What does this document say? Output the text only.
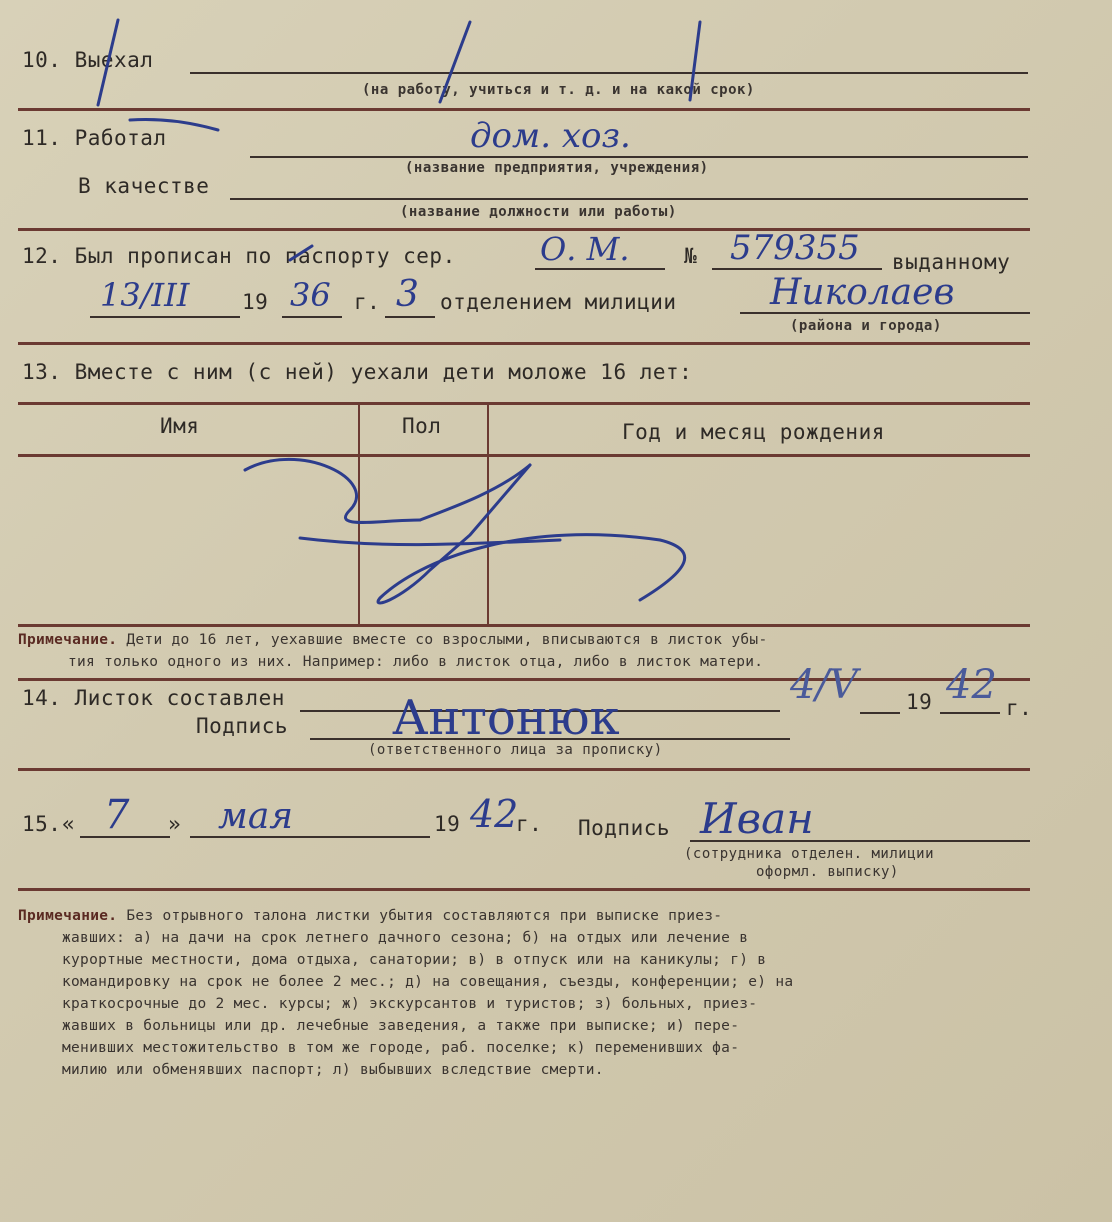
10. Выехал
(на работу, учиться и т. д. и на какой срок)
11. Работал	дом. хоз.
(название предприятия, учреждения)
В качестве
(название должности или работы)
12. Был прописан по паспорту сер.	О. М.	№ 579355 выданному
13/III	19 36 г. 3 отделением милиции	Николаев
(района и города)
13. Вместе с ним (с ней) уехали дети моложе 16 лет:
Имя	Пол	Год и месяц рождения
Примечание. Дети до 16 лет, уехавшие вместе со взрослыми, вписываются в листок убы-
тия только одного из них. Например: либо в листок отца, либо в листок матери.
14. Листок составлен	4/V 19 42 г.
Подпись Антонюк
(ответственного лица за прописку)
15. « 7 » мая	19 42
г. Подпись Иван
(сотрудника отделен. милиции
оформл. выписку)
Примечание. Без отрывного талона листки убытия составляются при выписке приез-
жавших: а) на дачи на срок летнего дачного сезона; б) на отдых или лечение в
курортные местности, дома отдыха, санатории; в) в отпуск или на каникулы; г) в
командировку на срок не более 2 мес.; д) на совещания, съезды, конференции; е) на
краткосрочные до 2 мес. курсы; ж) экскурсантов и туристов; з) больных, приез-
жавших в больницы или др. лечебные заведения, а также при выписке; и) пере-
менивших местожительство в том же городе, раб. поселке; к) переменивших фа-
милию или обменявших паспорт; л) выбывших вследствие смерти.
